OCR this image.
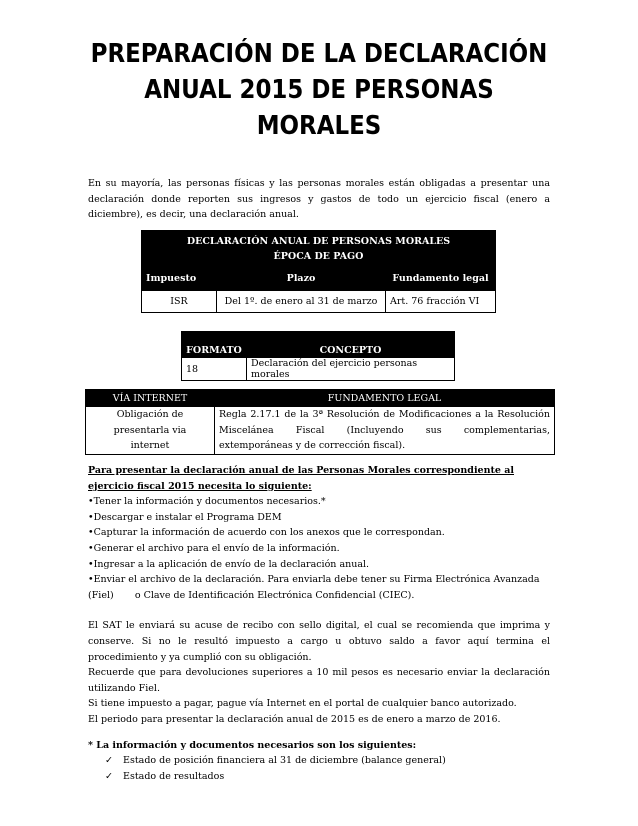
PREPARACIÓN DE LA DECLARACIÓN
ANUAL 2015 DE PERSONAS
MORALES
En su mayoría, las personas físicas y las personas morales están obligadas a presentar una declaración donde reporten sus ingresos y gastos de todo un ejercicio fiscal (enero a diciembre), es decir, una declaración anual.
DECLARACIÓN ANUAL DE PERSONAS MORALES
ÉPOCA DE PAGO		

Impuesto	Plazo	Fundamento legal
ISR	Del 1º. de enero al 31 de marzo	Art. 76 fracción VI
FORMATO	CONCEPTO
18	Declaración del ejercicio personas morales
VÍA INTERNET	FUNDAMENTO LEGAL
Obligación de presentarla via internet	Regla 2.17.1 de la 3ª Resolución de Modificaciones a la Resolución Miscelánea Fiscal (Incluyendo sus complementarias, extemporáneas y de corrección fiscal).

Para presentar la declaración anual de las Personas Morales correspondiente al ejercicio fiscal 2015 necesita lo siguiente:

•Tener la información y documentos necesarios.*

•Descargar e instalar el Programa DEM

•Capturar la información de acuerdo con los anexos que le correspondan.

•Generar el archivo para el envío de la información.

•Ingresar a la aplicación de envío de la declaración anual.

•Enviar el archivo de la declaración. Para enviarla debe tener su Firma Electrónica Avanzada (Fiel)       o Clave de Identificación Electrónica Confidencial (CIEC).

El SAT le enviará su acuse de recibo con sello digital, el cual se recomienda que imprima y conserve. Si no le resultó impuesto a cargo u obtuvo saldo a favor aquí termina el procedimiento y ya cumplió con su obligación.

Recuerde que para devoluciones superiores a 10 mil pesos es necesario enviar la declaración utilizando Fiel.

Si tiene impuesto a pagar, pague vía Internet en el portal de cualquier banco autorizado.

El periodo para presentar la declaración anual de 2015 es de enero a marzo de 2016.

* La información y documentos necesarios son los siguientes:

✓ Estado de posición financiera al 31 de diciembre (balance general)

✓ Estado de resultados
